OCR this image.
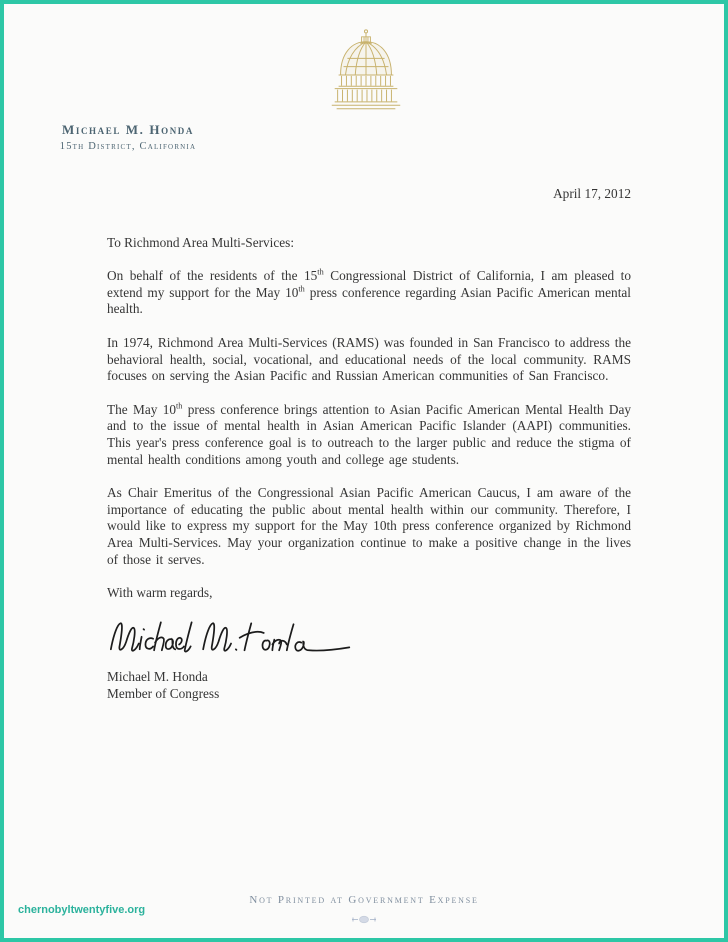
Michael M. Honda
15th District, California

April 17, 2012

To Richmond Area Multi-Services:

On behalf of the residents of the 15th Congressional District of California, I am pleased to extend my support for the May 10th press conference regarding Asian Pacific American mental health.

In 1974, Richmond Area Multi-Services (RAMS) was founded in San Francisco to address the behavioral health, social, vocational, and educational needs of the local community. RAMS focuses on serving the Asian Pacific and Russian American communities of San Francisco.

The May 10th press conference brings attention to Asian Pacific American Mental Health Day and to the issue of mental health in Asian American Pacific Islander (AAPI) communities. This year's press conference goal is to outreach to the larger public and reduce the stigma of mental health conditions among youth and college age students.

As Chair Emeritus of the Congressional Asian Pacific American Caucus, I am aware of the importance of educating the public about mental health within our community. Therefore, I would like to express my support for the May 10th press conference organized by Richmond Area Multi-Services. May your organization continue to make a positive change in the lives of those it serves.

With warm regards,

Michael M. Honda
Member of Congress
chernobyltwentyfive.org
Not Printed at Government Expense
